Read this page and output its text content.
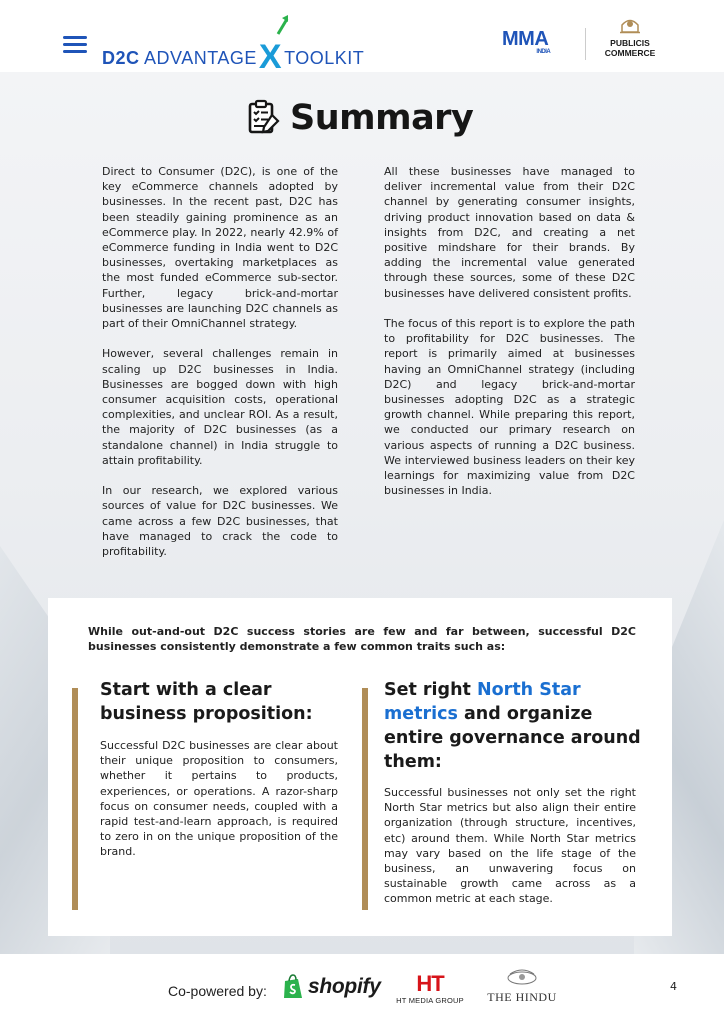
D2C ADVANTAGEX TOOLKIT
MMA
INDIA
PUBLICIS
COMMERCE
Summary

Direct to Consumer (D2C), is one of the key eCommerce channels adopted by businesses. In the recent past, D2C has been steadily gaining prominence as an eCommerce play. In 2022, nearly 42.9% of eCommerce funding in India went to D2C businesses, overtaking marketplaces as the most funded eCommerce sub-sector. Further, legacy brick-and-mortar businesses are launching D2C channels as part of their OmniChannel strategy.

However, several challenges remain in scaling up D2C businesses in India. Businesses are bogged down with high consumer acquisition costs, operational complexities, and unclear ROI. As a result, the majority of D2C businesses (as a standalone channel) in India struggle to attain profitability.

In our research, we explored various sources of value for D2C businesses. We came across a few D2C businesses, that have managed to crack the code to profitability.

All these businesses have managed to deliver incremental value from their D2C channel by generating consumer insights, driving product innovation based on data & insights from D2C, and creating a net positive mindshare for their brands. By adding the incremental value generated through these sources, some of these D2C businesses have delivered consistent profits.

The focus of this report is to explore the path to profitability for D2C businesses. The report is primarily aimed at businesses having an OmniChannel strategy (including D2C) and legacy brick-and-mortar businesses adopting D2C as a strategic growth channel. While preparing this report, we conducted our primary research on various aspects of running a D2C business. We interviewed business leaders on their key learnings for maximizing value from D2C businesses in India.

While out-and-out D2C success stories are few and far between, successful D2C businesses consistently demonstrate a few common traits such as:
Start with a clear business proposition:
Successful D2C businesses are clear about their unique proposition to consumers, whether it pertains to products, experiences, or operations. A razor-sharp focus on consumer needs, coupled with a rapid test-and-learn approach, is required to zero in on the unique proposition of the brand.
Set right North Star metrics and organize entire governance around them:
Successful businesses not only set the right North Star metrics but also align their entire organization (through structure, incentives, etc) around them. While North Star metrics may vary based on the life stage of the business, an unwavering focus on sustainable growth came across as a common metric at each stage.
Co-powered by: shopify	HT
HT MEDIA GROUP THE HINDU
4
